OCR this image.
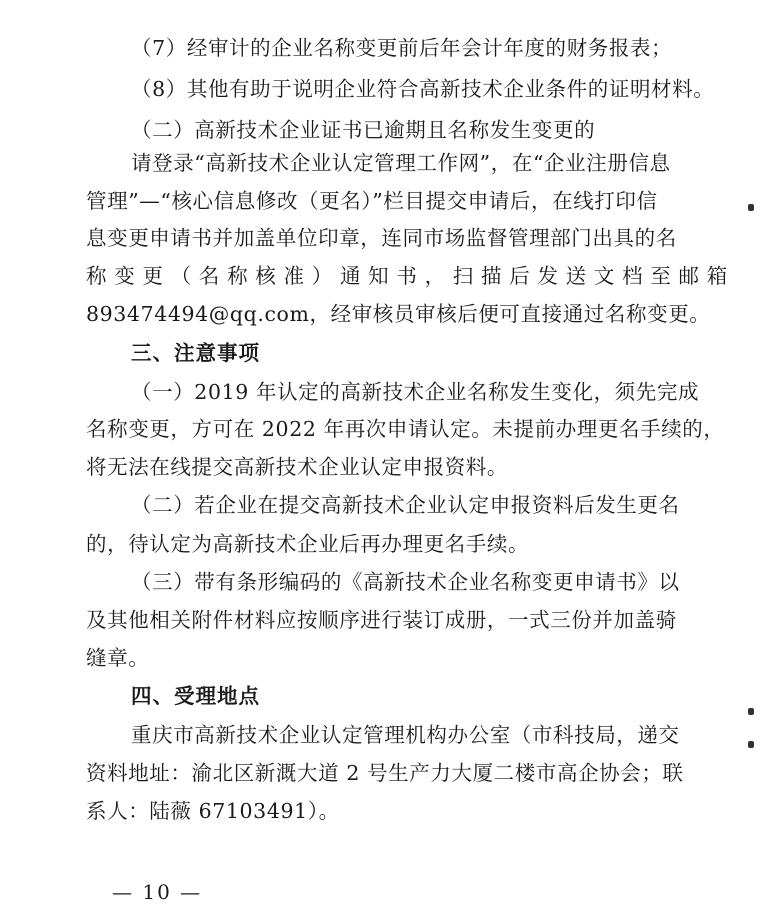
（7）经审计的企业名称变更前后年会计年度的财务报表；
（8）其他有助于说明企业符合高新技术企业条件的证明材料。
（二）高新技术企业证书已逾期且名称发生变更的
请登录“高新技术企业认定管理工作网”，在“企业注册信息
管理”—“核心信息修改（更名）”栏目提交申请后，在线打印信
息变更申请书并加盖单位印章，连同市场监督管理部门出具的名
称 变 更 （ 名 称 核 准 ） 通 知 书 ， 扫 描 后 发 送 文 档 至 邮 箱
893474494@qq.com，经审核员审核后便可直接通过名称变更。
三、注意事项
（一）2019 年认定的高新技术企业名称发生变化，须先完成
名称变更，方可在 2022 年再次申请认定。未提前办理更名手续的，
将无法在线提交高新技术企业认定申报资料。
（二）若企业在提交高新技术企业认定申报资料后发生更名
的，待认定为高新技术企业后再办理更名手续。
（三）带有条形编码的《高新技术企业名称变更申请书》以
及其他相关附件材料应按顺序进行装订成册，一式三份并加盖骑
缝章。
四、受理地点
重庆市高新技术企业认定管理机构办公室（市科技局，递交
资料地址：渝北区新溉大道 2 号生产力大厦二楼市高企协会；联
系人：陆薇 67103491）。
— 10 —
